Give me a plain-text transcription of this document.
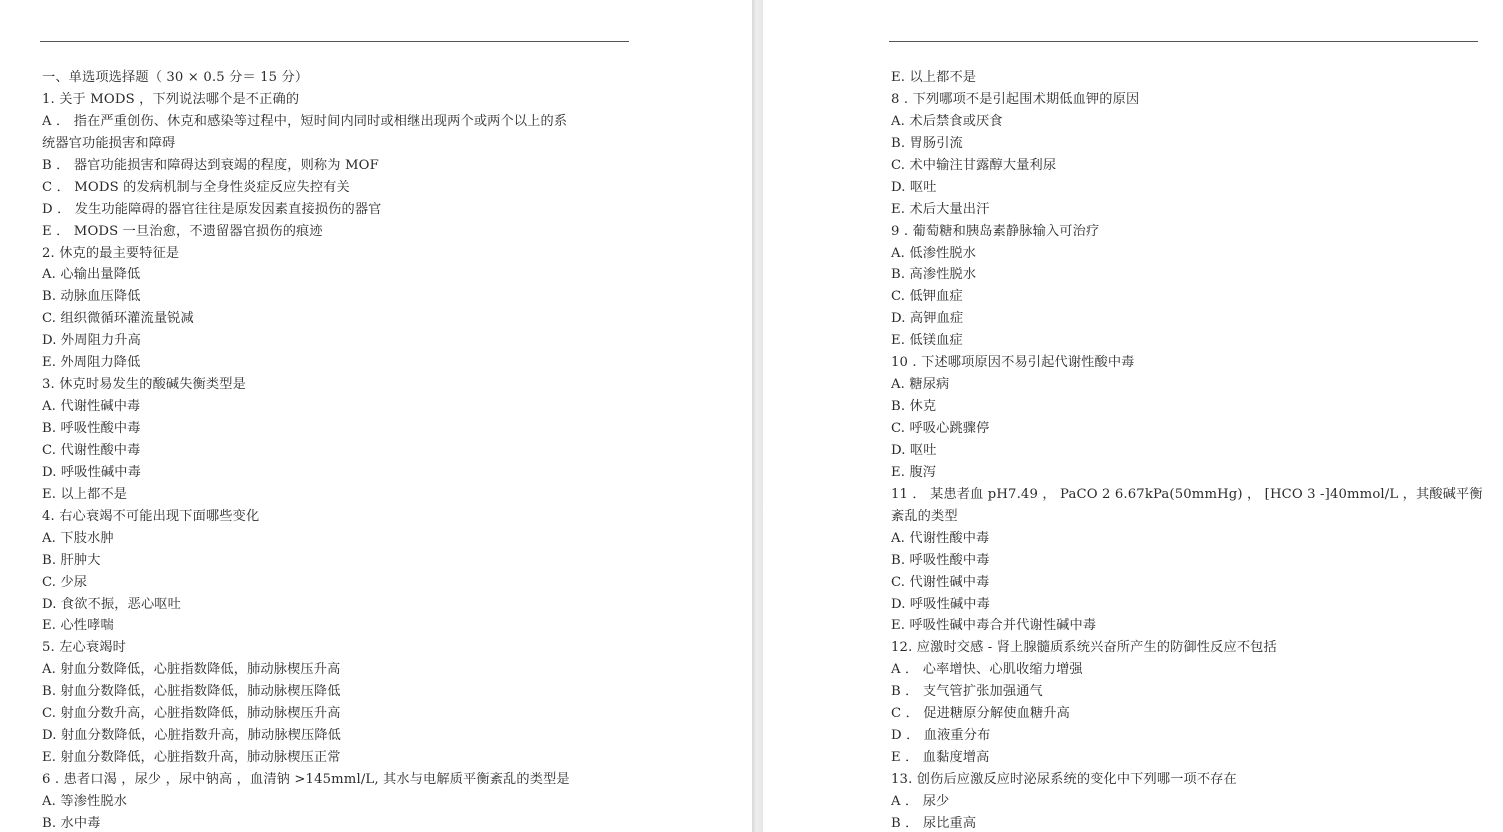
一、单选项选择题（ 30 × 0.5 分＝ 15 分）
1. 关于 MODS ，下列说法哪个是不正确的
A ． 指在严重创伤、休克和感染等过程中，短时间内同时或相继出现两个或两个以上的系
统器官功能损害和障碍
B ． 器官功能损害和障碍达到衰竭的程度，则称为 MOF
C ． MODS 的发病机制与全身性炎症反应失控有关
D ． 发生功能障碍的器官往往是原发因素直接损伤的器官
E ． MODS 一旦治愈，不遗留器官损伤的痕迹
2. 休克的最主要特征是
A. 心输出量降低
B. 动脉血压降低
C. 组织微循环灌流量锐减
D. 外周阻力升高
E. 外周阻力降低
3. 休克时易发生的酸碱失衡类型是
A. 代谢性碱中毒
B. 呼吸性酸中毒
C. 代谢性酸中毒
D. 呼吸性碱中毒
E. 以上都不是
4. 右心衰竭不可能出现下面哪些变化
A. 下肢水肿
B. 肝肿大
C. 少尿
D. 食欲不振，恶心呕吐
E. 心性哮喘
5. 左心衰竭时
A. 射血分数降低，心脏指数降低，肺动脉楔压升高
B. 射血分数降低，心脏指数降低，肺动脉楔压降低
C. 射血分数升高，心脏指数降低，肺动脉楔压升高
D. 射血分数降低，心脏指数升高，肺动脉楔压降低
E. 射血分数降低，心脏指数升高，肺动脉楔压正常
6 . 患者口渴 ，尿少 ，尿中钠高 ，血清钠 >145mml/L, 其水与电解质平衡紊乱的类型是
A. 等渗性脱水
B. 水中毒
E. 以上都不是
8 . 下列哪项不是引起围术期低血钾的原因
A. 术后禁食或厌食
B. 胃肠引流
C. 术中输注甘露醇大量利尿
D. 呕吐
E. 术后大量出汗
9 . 葡萄糖和胰岛素静脉输入可治疗
A. 低渗性脱水
B. 高渗性脱水
C. 低钾血症
D. 高钾血症
E. 低镁血症
10 . 下述哪项原因不易引起代谢性酸中毒
A. 糖尿病
B. 休克
C. 呼吸心跳骤停
D. 呕吐
E. 腹泻
11 ． 某患者血 pH7.49 ， PaCO 2 6.67kPa(50mmHg) ， [HCO 3 -]40mmol/L ，其酸碱平衡
紊乱的类型
A. 代谢性酸中毒
B. 呼吸性酸中毒
C. 代谢性碱中毒
D. 呼吸性碱中毒
E. 呼吸性碱中毒合并代谢性碱中毒
12. 应激时交感 - 肾上腺髓质系统兴奋所产生的防御性反应不包括
A ． 心率增快、心肌收缩力增强
B ． 支气管扩张加强通气
C ． 促进糖原分解使血糖升高
D ． 血液重分布
E ． 血黏度增高
13. 创伤后应激反应时泌尿系统的变化中下列哪一项不存在
A ． 尿少
B ． 尿比重高
